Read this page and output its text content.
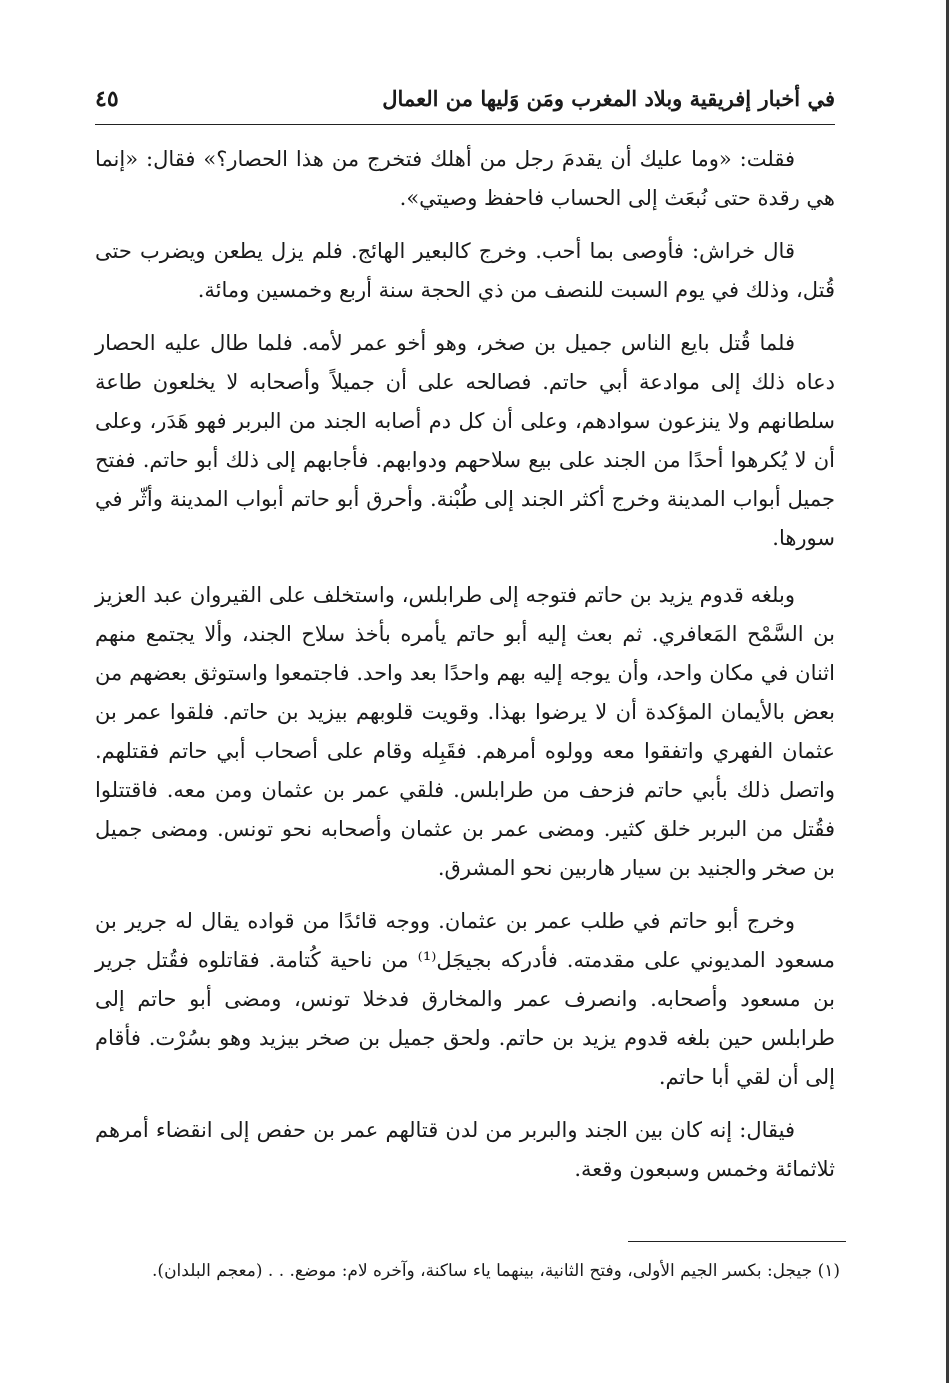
في أخبار إفريقية وبلاد المغرب ومَن وَليها من العمال
٤٥

فقلت: «وما عليك أن يقدمَ رجل من أهلك فتخرج من هذا الحصار؟» فقال: «إنما هي رقدة حتى نُبعَث إلى الحساب فاحفظ وصيتي».

قال خراش: فأوصى بما أحب. وخرج كالبعير الهائج. فلم يزل يطعن ويضرب حتى قُتل، وذلك في يوم السبت للنصف من ذي الحجة سنة أربع وخمسين ومائة.

فلما قُتل بايع الناس جميل بن صخر، وهو أخو عمر لأمه. فلما طال عليه الحصار دعاه ذلك إلى موادعة أبي حاتم. فصالحه على أن جميلاً وأصحابه لا يخلعون طاعة سلطانهم ولا ينزعون سوادهم، وعلى أن كل دم أصابه الجند من البربر فهو هَدَر، وعلى أن لا يُكرهوا أحدًا من الجند على بيع سلاحهم ودوابهم. فأجابهم إلى ذلك أبو حاتم. ففتح جميل أبواب المدينة وخرج أكثر الجند إلى طُبْنة. وأحرق أبو حاتم أبواب المدينة وأثّر في سورها.

وبلغه قدوم يزيد بن حاتم فتوجه إلى طرابلس، واستخلف على القيروان عبد العزيز بن السَّمْح المَعافري. ثم بعث إليه أبو حاتم يأمره بأخذ سلاح الجند، وألا يجتمع منهم اثنان في مكان واحد، وأن يوجه إليه بهم واحدًا بعد واحد. فاجتمعوا واستوثق بعضهم من بعض بالأيمان المؤكدة أن لا يرضوا بهذا. وقويت قلوبهم بيزيد بن حاتم. فلقوا عمر بن عثمان الفهري واتفقوا معه وولوه أمرهم. فقَبِله وقام على أصحاب أبي حاتم فقتلهم. واتصل ذلك بأبي حاتم فزحف من طرابلس. فلقي عمر بن عثمان ومن معه. فاقتتلوا فقُتل من البربر خلق كثير. ومضى عمر بن عثمان وأصحابه نحو تونس. ومضى جميل بن صخر والجنيد بن سيار هاربين نحو المشرق.

وخرج أبو حاتم في طلب عمر بن عثمان. ووجه قائدًا من قواده يقال له جرير بن مسعود المديوني على مقدمته. فأدركه بجيجَل⁽¹⁾ من ناحية كُتامة. فقاتلوه فقُتل جرير بن مسعود وأصحابه. وانصرف عمر والمخارق فدخلا تونس، ومضى أبو حاتم إلى طرابلس حين بلغه قدوم يزيد بن حاتم. ولحق جميل بن صخر بيزيد وهو بسُرْت. فأقام إلى أن لقي أبا حاتم.

فيقال: إنه كان بين الجند والبربر من لدن قتالهم عمر بن حفص إلى انقضاء أمرهم ثلاثمائة وخمس وسبعون وقعة.

(١) جيجل: بكسر الجيم الأولى، وفتح الثانية، بينهما ياء ساكنة، وآخره لام: موضع. . . (معجم البلدان).
